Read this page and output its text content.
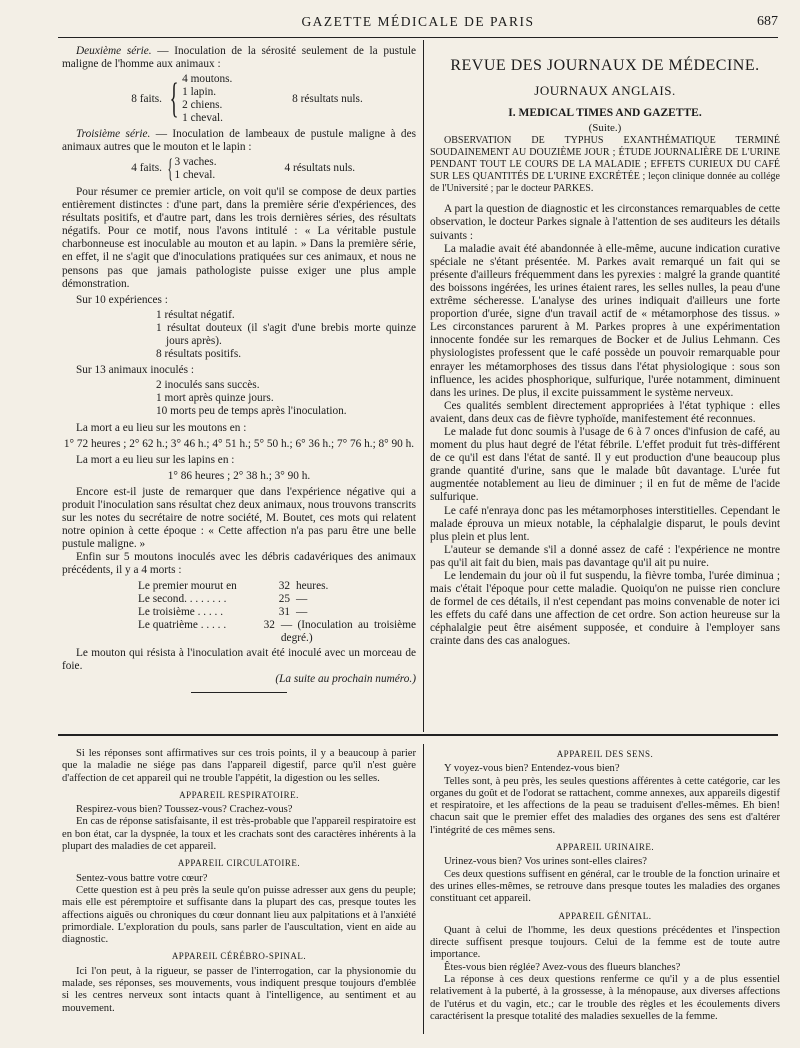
GAZETTE MÉDICALE DE PARIS	687

Deuxième série. — Inoculation de la sérosité seulement de la pustule maligne de l'homme aux animaux :

8 faits. { 4 moutons.
1 lapin.
2 chiens.
1 cheval.
8 résultats nuls.

Troisième série. — Inoculation de lambeaux de pustule maligne à des animaux autres que le mouton et le lapin :

4 faits. { 3 vaches.
1 cheval.
4 résultats nuls.

Pour résumer ce premier article, on voit qu'il se compose de deux parties entièrement distinctes : d'une part, dans la première série d'expériences, des résultats positifs, et d'autre part, dans les trois dernières séries, des résultats négatifs. Pour ce motif, nous l'avons intitulé : « La véritable pustule charbonneuse est inoculable au mouton et au lapin. » Dans la première série, en effet, il ne s'agit que d'inoculations pratiquées sur ces animaux, et nous ne pensons pas que jamais pathologiste puisse exiger une plus ample démonstration.

Sur 10 expériences :

1 résultat négatif.
1 résultat douteux (il s'agit d'une brebis morte quinze jours après).
8 résultats positifs.

Sur 13 animaux inoculés :

2 inoculés sans succès.
1 mort après quinze jours.
10 morts peu de temps après l'inoculation.

La mort a eu lieu sur les moutons en :

1° 72 heures ; 2° 62 h.; 3° 46 h.; 4° 51 h.; 5° 50 h.; 6° 36 h.; 7° 76 h.; 8° 90 h.

La mort a eu lieu sur les lapins en :

1° 86 heures ; 2° 38 h.; 3° 90 h.

Encore est-il juste de remarquer que dans l'expérience négative qui a produit l'inoculation sans résultat chez deux animaux, nous trouvons transcrits sur les notes du secrétaire de notre société, M. Boutet, ces mots qui relatent notre opinion à cette époque : « Cette affection n'a pas paru être une belle pustule maligne. »

Enfin sur 5 moutons inoculés avec les débris cadavériques des animaux précédents, il y a 4 morts :

Le premier mourut en	32 heures.
Le second. . . . . . . .	25 —
Le troisième . . . . .	31 —
Le quatrième . . . . .	32 — (Inoculation au troisième degré.)

Le mouton qui résista à l'inoculation avait été inoculé avec un morceau de foie.

(La suite au prochain numéro.)

REVUE DES JOURNAUX DE MÉDECINE.
JOURNAUX ANGLAIS.
I. MEDICAL TIMES AND GAZETTE.
(Suite.)

OBSERVATION DE TYPHUS EXANTHÉMATIQUE TERMINÉ SOUDAINEMENT AU DOUZIÈME JOUR ; ÉTUDE JOURNALIÈRE DE L'URINE PENDANT TOUT LE COURS DE LA MALADIE ; EFFETS CURIEUX DU CAFÉ SUR LES QUANTITÉS DE L'URINE EXCRÉTÉE ; leçon clinique donnée au collége de l'Université ; par le docteur PARKES.

A part la question de diagnostic et les circonstances remarquables de cette observation, le docteur Parkes signale à l'attention de ses auditeurs les détails suivants :

La maladie avait été abandonnée à elle-même, aucune indication curative spéciale ne s'étant présentée. M. Parkes avait remarqué un fait qui se présente d'ailleurs fréquemment dans les pyrexies : malgré la grande quantité des boissons ingérées, les urines étaient rares, les selles nulles, la peau d'une extrême sécheresse. L'analyse des urines indiquait d'ailleurs une forte proportion d'urée, signe d'un travail actif de « métamorphose des tissus. » Les circonstances parurent à M. Parkes propres à une expérimentation innocente fondée sur les remarques de Bocker et de Julius Lehmann. Ces physiologistes professent que le café possède un pouvoir remarquable pour enrayer les métamorphoses des tissus dans l'état physiologique : sous son influence, les acides phosphorique, sulfurique, l'urée notamment, diminuent dans les urines. De plus, il excite puissamment le système nerveux.

Ces qualités semblent directement appropriées à l'état typhique : elles avaient, dans deux cas de fièvre typhoïde, manifestement été reconnues.

Le malade fut donc soumis à l'usage de 6 à 7 onces d'infusion de café, au moment du plus haut degré de l'état fébrile. L'effet produit fut très-différent de ce qu'il est dans l'état de santé. Il y eut production d'une beaucoup plus grande quantité d'urine, sans que le malade bût davantage. L'urée fut augmentée notablement au lieu de diminuer ; il en fut de même de l'acide sulfurique.

Le café n'enraya donc pas les métamorphoses interstitielles. Cependant le malade éprouva un mieux notable, la céphalalgie disparut, le pouls devint plus plein et plus lent.

L'auteur se demande s'il a donné assez de café : l'expérience ne montre pas qu'il ait fait du bien, mais pas davantage qu'il ait pu nuire.

Le lendemain du jour où il fut suspendu, la fièvre tomba, l'urée diminua ; mais c'était l'époque pour cette maladie. Quoiqu'on ne puisse rien conclure de formel de ces détails, il n'est cependant pas moins convenable de noter ici les effets du café dans une affection de cet ordre. Son action heureuse sur la céphalalgie peut être aisément supposée, et conduire à l'employer sans crainte dans des cas analogues.

Si les réponses sont affirmatives sur ces trois points, il y a beaucoup à parier que la maladie ne siége pas dans l'appareil digestif, parce qu'il n'est guère d'affection de cet appareil qui ne trouble l'appétit, la digestion ou les selles.

APPAREIL RESPIRATOIRE.

Respirez-vous bien? Toussez-vous? Crachez-vous?

En cas de réponse satisfaisante, il est très-probable que l'appareil respiratoire est en bon état, car la dyspnée, la toux et les crachats sont des caractères inhérents à la plupart des maladies de cet appareil.

APPAREIL CIRCULATOIRE.

Sentez-vous battre votre cœur?

Cette question est à peu près la seule qu'on puisse adresser aux gens du peuple; mais elle est péremptoire et suffisante dans la plupart des cas, presque toutes les affections aiguës ou chroniques du cœur donnant lieu aux palpitations et à l'anxiété primordiale. L'exploration du pouls, sans parler de l'auscultation, vient en aide au diagnostic.

APPAREIL CÉRÉBRO-SPINAL.

Ici l'on peut, à la rigueur, se passer de l'interrogation, car la physionomie du malade, ses réponses, ses mouvements, vous indiquent presque toujours d'emblée si les centres nerveux sont intacts quant à l'intelligence, au sentiment et au mouvement.

APPAREIL DES SENS.

Y voyez-vous bien? Entendez-vous bien?

Telles sont, à peu près, les seules questions afférentes à cette catégorie, car les organes du goût et de l'odorat se rattachent, comme annexes, aux appareils digestif et respiratoire, et les affections de la peau se traduisent d'elles-mêmes. Eh bien! chacun sait que le premier effet des maladies des organes des sens est d'altérer l'intégrité de ces mêmes sens.

APPAREIL URINAIRE.

Urinez-vous bien? Vos urines sont-elles claires?

Ces deux questions suffisent en général, car le trouble de la fonction urinaire et des urines elles-mêmes, se retrouve dans presque toutes les maladies des organes constituant cet appareil.

APPAREIL GÉNITAL.

Quant à celui de l'homme, les deux questions précédentes et l'inspection directe suffisent presque toujours. Celui de la femme est de toute autre importance.

Êtes-vous bien réglée? Avez-vous des flueurs blanches?

La réponse à ces deux questions renferme ce qu'il y a de plus essentiel relativement à la puberté, à la grossesse, à la ménopause, aux diverses affections de l'utérus et du vagin, etc.; car le trouble des règles et les écoulements divers caractérisent la presque totalité des maladies sexuelles de la femme.
